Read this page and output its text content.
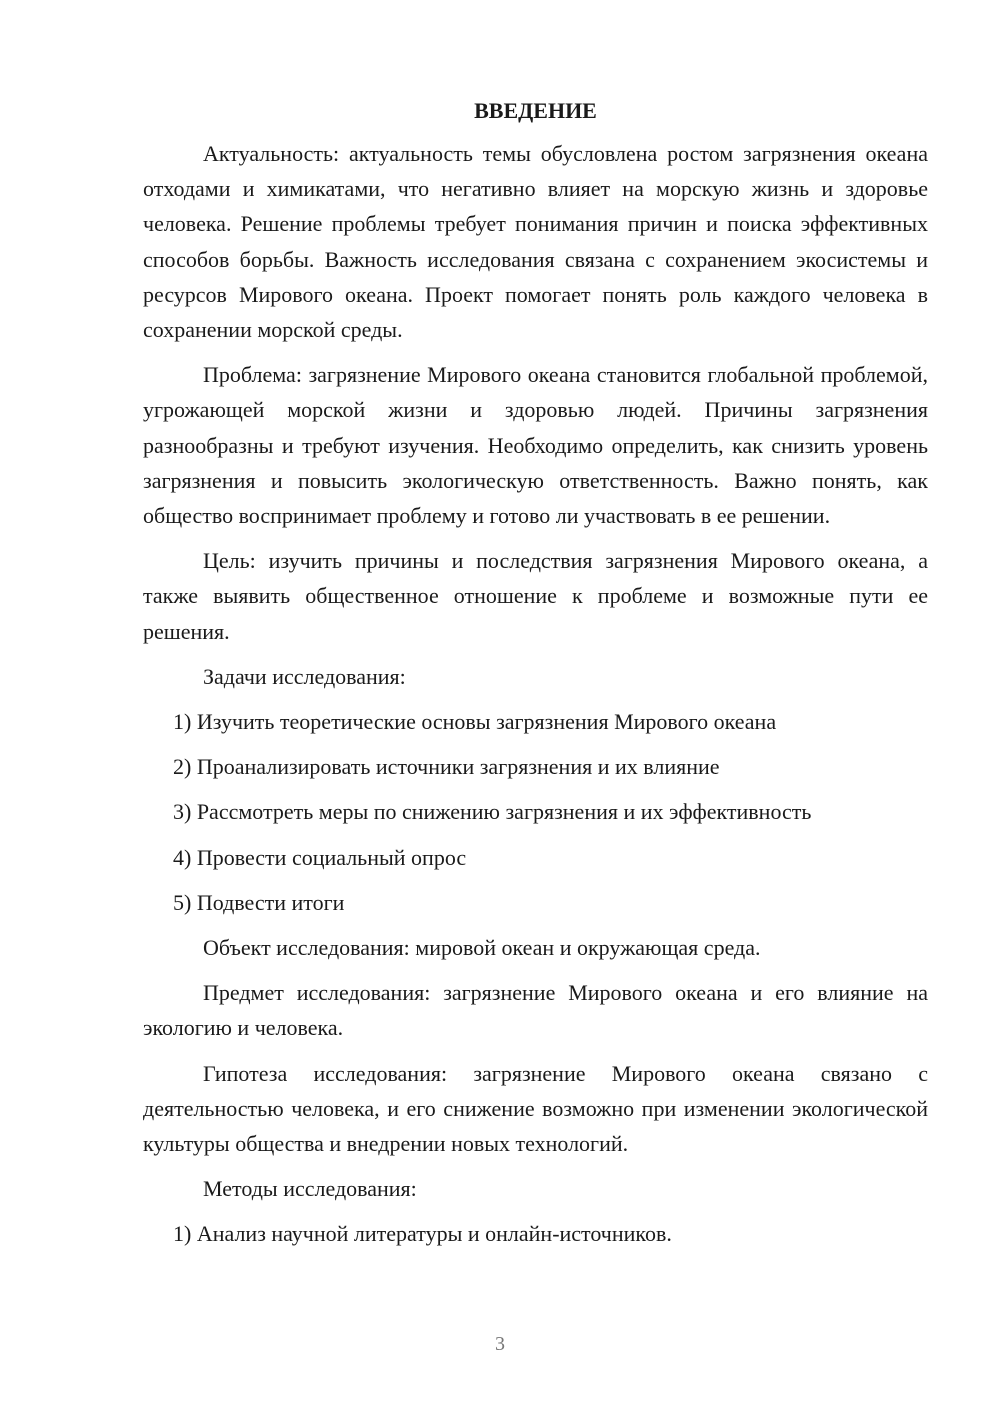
ВВЕДЕНИЕ

Актуальность: актуальность темы обусловлена ростом загрязнения океана отходами и химикатами, что негативно влияет на морскую жизнь и здоровье человека. Решение проблемы требует понимания причин и поиска эффективных способов борьбы. Важность исследования связана с сохранением экосистемы и ресурсов Мирового океана. Проект помогает понять роль каждого человека в сохранении морской среды.

Проблема: загрязнение Мирового океана становится глобальной проблемой, угрожающей морской жизни и здоровью людей. Причины загрязнения разнообразны и требуют изучения. Необходимо определить, как снизить уровень загрязнения и повысить экологическую ответственность. Важно понять, как общество воспринимает проблему и готово ли участвовать в ее решении.

Цель: изучить причины и последствия загрязнения Мирового океана, а также выявить общественное отношение к проблеме и возможные пути ее решения.

Задачи исследования:

1) Изучить теоретические основы загрязнения Мирового океана
2) Проанализировать источники загрязнения и их влияние
3) Рассмотреть меры по снижению загрязнения и их эффективность
4) Провести социальный опрос
5) Подвести итоги

Объект исследования: мировой океан и окружающая среда.

Предмет исследования: загрязнение Мирового океана и его влияние на экологию и человека.

Гипотеза исследования: загрязнение Мирового океана связано с деятельностью человека, и его снижение возможно при изменении экологической культуры общества и внедрении новых технологий.

Методы исследования:

1) Анализ научной литературы и онлайн-источников.
3
